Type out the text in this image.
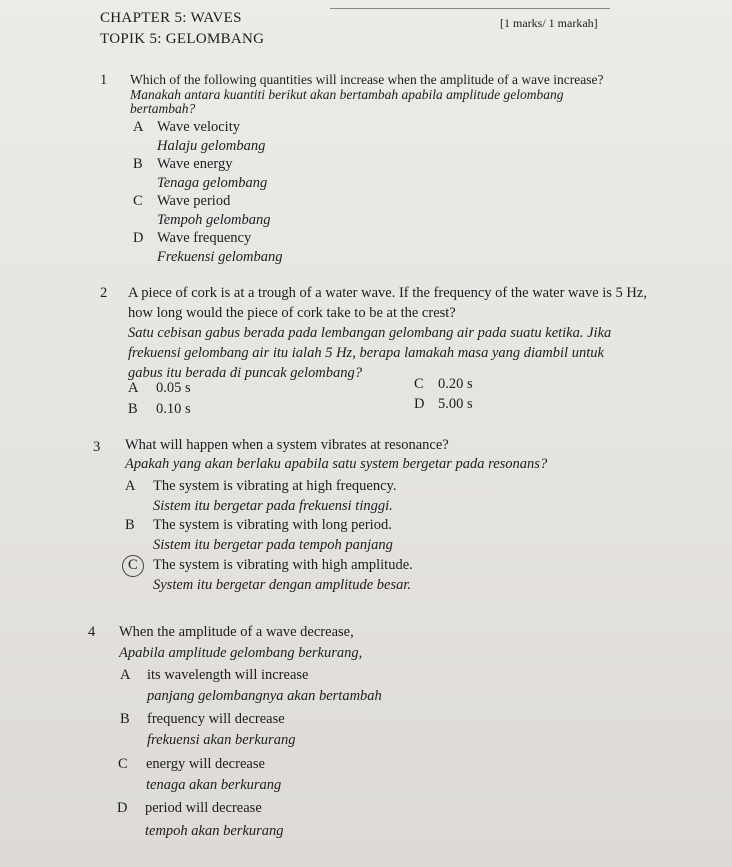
CHAPTER 5: WAVES
TOPIK 5: GELOMBANG
[1 marks/ 1 markah]
1 Which of the following quantities will increase when the amplitude of a wave increase?
Manakah antara kuantiti berikut akan bertambah apabila amplitude gelombang
bertambah?
A Wave velocity
Halaju gelombang
B Wave energy
Tenaga gelombang
C Wave period
Tempoh gelombang
D Wave frequency
Frekuensi gelombang
2 A piece of cork is at a trough of a water wave. If the frequency of the water wave is 5 Hz,
how long would the piece of cork take to be at the crest?
Satu cebisan gabus berada pada lembangan gelombang air pada suatu ketika. Jika
frekuensi gelombang air itu ialah 5 Hz, berapa lamakah masa yang diambil untuk
gabus itu berada di puncak gelombang?
A 0.05 s
B 0.10 s
C 0.20 s
D 5.00 s
3 What will happen when a system vibrates at resonance?
Apakah yang akan berlaku apabila satu system bergetar pada resonans?
A The system is vibrating at high frequency.
Sistem itu bergetar pada frekuensi tinggi.
B The system is vibrating with long period.
Sistem itu bergetar pada tempoh panjang
C The system is vibrating with high amplitude.
System itu bergetar dengan amplitude besar.
4 When the amplitude of a wave decrease,
Apabila amplitude gelombang berkurang,
A its wavelength will increase
panjang gelombangnya akan bertambah
B frequency will decrease
frekuensi akan berkurang
C energy will decrease
tenaga akan berkurang
D period will decrease
tempoh akan berkurang
